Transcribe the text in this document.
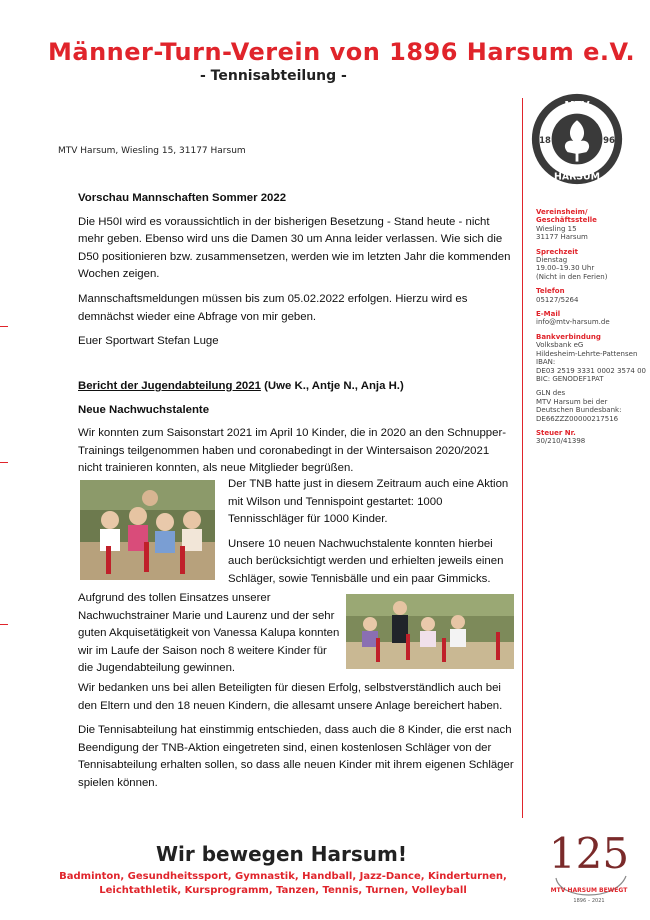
Männer-Turn-Verein von 1896 Harsum e.V.
- Tennisabteilung -
MTV Harsum, Wiesling 15, 31177 Harsum
MTV
HARSUM
18	96
Vereinsheim/ Geschäftsstelle
Wiesling 15
31177 Harsum
Sprechzeit
Dienstag
19.00–19.30 Uhr
(Nicht in den Ferien)
Telefon
05127/5264
E-Mail
info@mtv-harsum.de
Bankverbindung
Volksbank eG
Hildesheim-Lehrte-Pattensen
IBAN:
DE03 2519 3331 0002 3574 00
BIC: GENODEF1PAT
GLN des
MTV Harsum bei der
Deutschen Bundesbank:
DE66ZZZ00000217516
Steuer Nr.
30/210/41398

Vorschau Mannschaften Sommer 2022

Die H50I wird es voraussichtlich in der bisherigen Besetzung - Stand heute - nicht mehr geben. Ebenso wird uns die Damen 30 um Anna leider verlassen. Wie sich die D50 positionieren bzw. zusammensetzen, werden wie im letzten Jahr die kommenden Wochen zeigen.

Mannschaftsmeldungen müssen bis zum 05.02.2022 erfolgen. Hierzu wird es demnächst wieder eine Abfrage von mir geben.

Euer Sportwart Stefan Luge

Bericht der Jugendabteilung 2021 (Uwe K., Antje N., Anja H.)

Neue Nachwuchstalente

Wir konnten zum Saisonstart 2021 im April 10 Kinder, die in 2020 an den Schnupper-Trainings teilgenommen haben und coronabedingt in der Wintersaison 2020/2021 nicht trainieren konnten, als neue Mitglieder begrüßen.

Der TNB hatte just in diesem Zeitraum auch eine Aktion mit Wilson und Tennispoint gestartet: 1000 Tennisschläger für 1000 Kinder.

Unsere 10 neuen Nachwuchstalente konnten hierbei auch berücksichtigt werden und erhielten jeweils einen Schläger, sowie Tennisbälle und ein paar Gimmicks.

Aufgrund des tollen Einsatzes unserer Nachwuchstrainer Marie und Laurenz und der sehr guten Akquisetätigkeit von Vanessa Kalupa konnten wir im Laufe der Saison noch 8 weitere Kinder für die Jugendabteilung gewinnen.

Wir bedanken uns bei allen Beteiligten für diesen Erfolg, selbstverständlich auch bei den Eltern und den 18 neuen Kindern, die allesamt unsere Anlage bereichert haben.

Die Tennisabteilung hat einstimmig entschieden, dass auch die 8 Kinder, die erst nach Beendigung der TNB-Aktion eingetreten sind, einen kostenlosen Schläger von der Tennisabteilung erhalten sollen, so dass alle neuen Kinder mit ihrem eigenen Schläger spielen können.

Wir bewegen Harsum!
Badminton, Gesundheitssport, Gymnastik, Handball, Jazz-Dance, Kinderturnen,
Leichtathletik, Kursprogramm, Tanzen, Tennis, Turnen, Volleyball
125
MTV HARSUM BEWEGT
1896 – 2021
